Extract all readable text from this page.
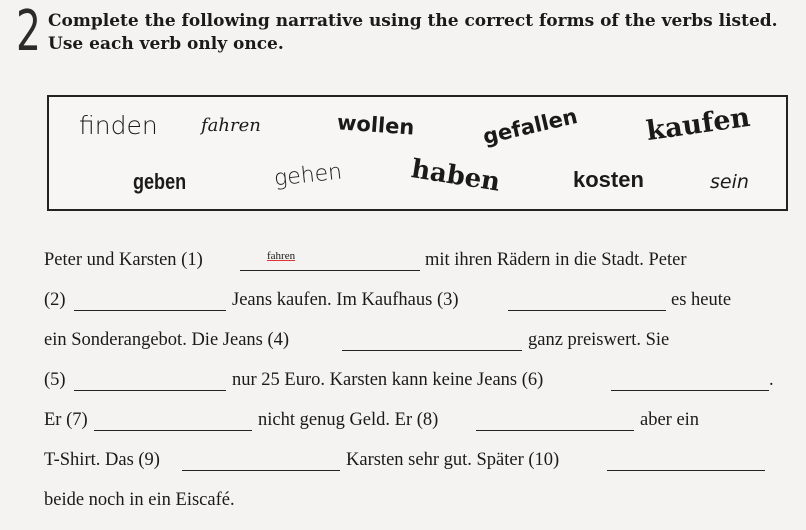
2 Complete the following narrative using the correct forms of the verbs listed. Use each verb only once.
finden fahren	wollen	gefallen kaufen
geben	gehen	haben	kosten	sein
Peter und Karsten (1)	fahren	mit ihren Rädern in die Stadt. Peter
(2)	Jeans kaufen. Im Kaufhaus (3)	es heute
ein Sonderangebot. Die Jeans (4)	ganz preiswert. Sie
(5)	nur 25 Euro. Karsten kann keine Jeans (6)	.
Er (7)	nicht genug Geld. Er (8)	aber ein
T-Shirt. Das (9)	Karsten sehr gut. Später (10)
beide noch in ein Eiscafé.
